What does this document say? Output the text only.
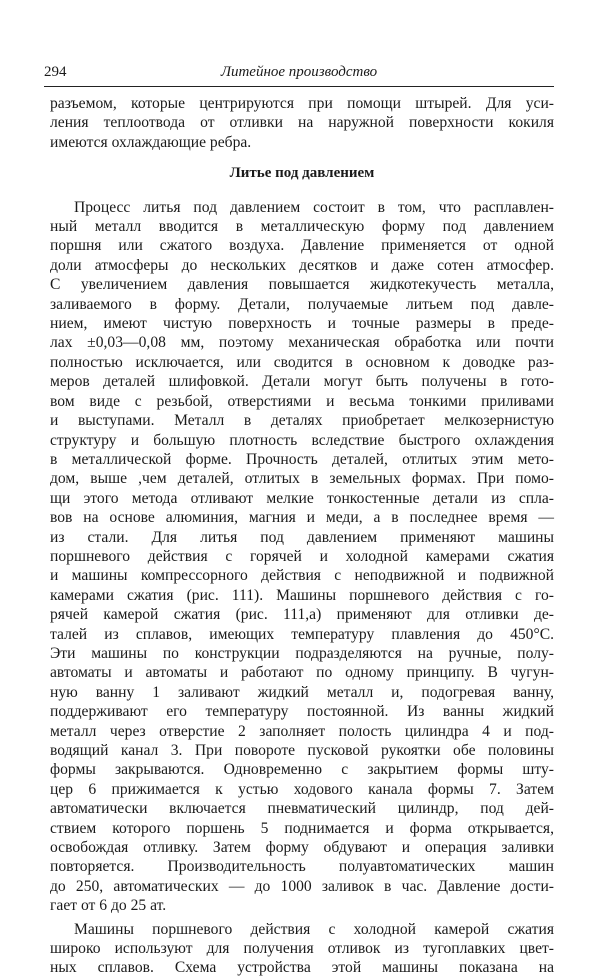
294	Литейное производство
разъемом, которые центрируются при помощи штырей. Для уси-
ления теплоотвода от отливки на наружной поверхности кокиля
имеются охлаждающие ребра.
Литье под давлением
Процесс литья под давлением состоит в том, что расплавлен-
ный металл вводится в металлическую форму под давлением
поршня или сжатого воздуха. Давление применяется от одной
доли атмосферы до нескольких десятков и даже сотен атмосфер.
С увеличением давления повышается жидкотекучесть металла,
заливаемого в форму. Детали, получаемые литьем под давле-
нием, имеют чистую поверхность и точные размеры в преде-
лах ±0,03—0,08 мм, поэтому механическая обработка или почти
полностью исключается, или сводится в основном к доводке раз-
меров деталей шлифовкой. Детали могут быть получены в гото-
вом виде с резьбой, отверстиями и весьма тонкими приливами
и выступами. Металл в деталях приобретает мелкозернистую
структуру и большую плотность вследствие быстрого охлаждения
в металлической форме. Прочность деталей, отлитых этим мето-
дом, выше ,чем деталей, отлитых в земельных формах. При помо-
щи этого метода отливают мелкие тонкостенные детали из спла-
вов на основе алюминия, магния и меди, а в последнее время —
из стали. Для литья под давлением применяют машины
поршневого действия с горячей и холодной камерами сжатия
и машины компрессорного действия с неподвижной и подвижной
камерами сжатия (рис. 111). Машины поршневого действия с го-
рячей камерой сжатия (рис. 111,а) применяют для отливки де-
талей из сплавов, имеющих температуру плавления до 450°С.
Эти машины по конструкции подразделяются на ручные, полу-
автоматы и автоматы и работают по одному принципу. В чугун-
ную ванну 1 заливают жидкий металл и, подогревая ванну,
поддерживают его температуру постоянной. Из ванны жидкий
металл через отверстие 2 заполняет полость цилиндра 4 и под-
водящий канал 3. При повороте пусковой рукоятки обе половины
формы закрываются. Одновременно с закрытием формы шту-
цер 6 прижимается к устью ходового канала формы 7. Затем
автоматически включается пневматический цилиндр, под дей-
ствием которого поршень 5 поднимается и форма открывается,
освобождая отливку. Затем форму обдувают и операция заливки
повторяется. Производительность полуавтоматических машин
до 250, автоматических — до 1000 заливок в час. Давление дости-
гает от 6 до 25 ат.
Машины поршневого действия с холодной камерой сжатия
широко используют для получения отливок из тугоплавких цвет-
ных сплавов. Схема устройства этой машины показана на
